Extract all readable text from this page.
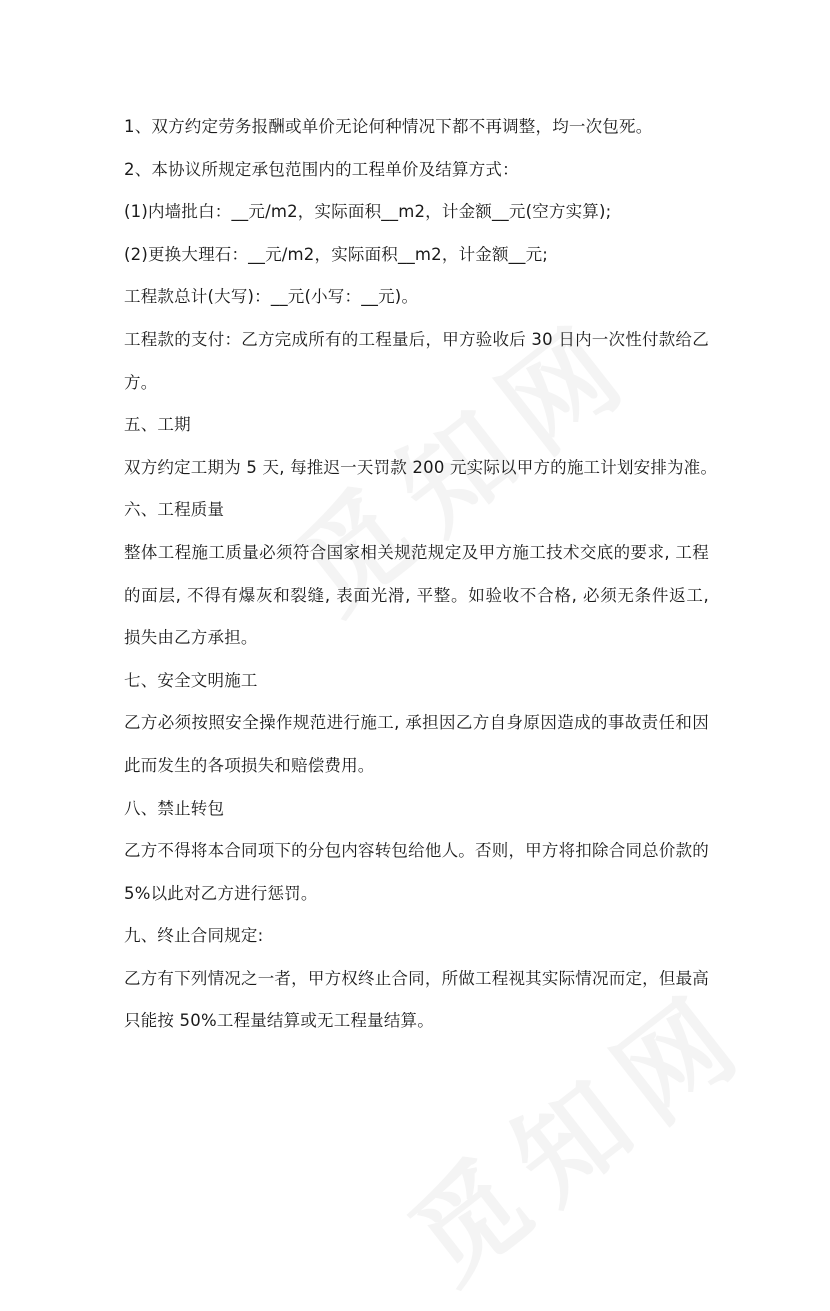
1、双方约定劳务报酬或单价无论何种情况下都不再调整，均一次包死。
2、本协议所规定承包范围内的工程单价及结算方式：
(1)内墙批白：__元/m2，实际面积__m2，计金额__元(空方实算);
(2)更换大理石：__元/m2，实际面积__m2，计金额__元;
工程款总计(大写)：__元(小写：__元)。
工程款的支付：乙方完成所有的工程量后，甲方验收后 30 日内一次性付款给乙
方。
五、工期
双方约定工期为 5 天, 每推迟一天罚款 200 元实际以甲方的施工计划安排为准。
六、工程质量
整体工程施工质量必须符合国家相关规范规定及甲方施工技术交底的要求, 工程
的面层, 不得有爆灰和裂缝, 表面光滑, 平整。如验收不合格, 必须无条件返工,
损失由乙方承担。
七、安全文明施工
乙方必须按照安全操作规范进行施工, 承担因乙方自身原因造成的事故责任和因
此而发生的各项损失和赔偿费用。
八、禁止转包
乙方不得将本合同项下的分包内容转包给他人。否则，甲方将扣除合同总价款的
5%以此对乙方进行惩罚。
九、终止合同规定:
乙方有下列情况之一者，甲方权终止合同，所做工程视其实际情况而定，但最高
只能按 50%工程量结算或无工程量结算。
